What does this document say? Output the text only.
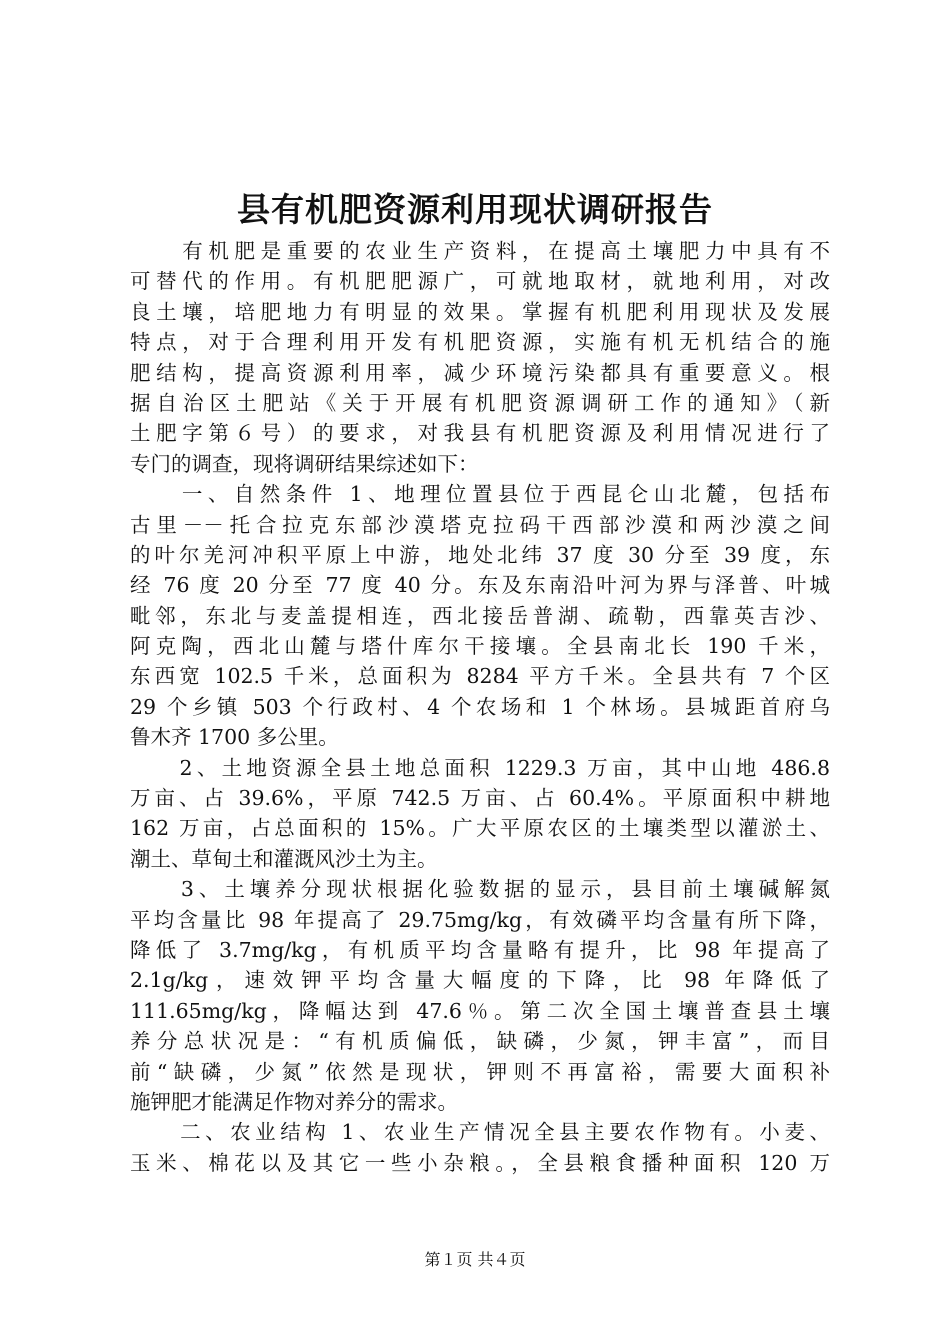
县有机肥资源利用现状调研报告

　　有机肥是重要的农业生产资料，在提高土壤肥力中具有不

可替代的作用。有机肥肥源广，可就地取材，就地利用，对改

良土壤，培肥地力有明显的效果。掌握有机肥利用现状及发展

特点，对于合理利用开发有机肥资源，实施有机无机结合的施

肥结构，提高资源利用率，减少环境污染都具有重要意义。根

据自治区土肥站《关于开展有机肥资源调研工作的通知》（新

土肥字第６号）的要求，对我县有机肥资源及利用情况进行了

专门的调查，现将调研结果综述如下：

　　一、自然条件 1、地理位置县位于西昆仑山北麓，包括布

古里－－托合拉克东部沙漠塔克拉码干西部沙漠和两沙漠之间

的叶尔羌河冲积平原上中游，地处北纬 37 度 30 分至 39 度，东

经 76 度 20 分至 77 度 40 分。东及东南沿叶河为界与泽普、叶城

毗邻，东北与麦盖提相连，西北接岳普湖、疏勒，西靠英吉沙、

阿克陶，西北山麓与塔什库尔干接壤。全县南北长 190 千米，

东西宽 102.5 千米，总面积为 8284 平方千米。全县共有 7 个区

29 个乡镇 503 个行政村、4 个农场和 1 个林场。县城距首府乌

鲁木齐 1700 多公里。

　　2、土地资源全县土地总面积 1229.3 万亩，其中山地 486.8

万亩、占 39.6%，平原 742.5 万亩、占 60.4%。平原面积中耕地

162 万亩，占总面积的 15%。广大平原农区的土壤类型以灌淤土、

潮土、草甸土和灌溉风沙土为主。

　　3、土壤养分现状根据化验数据的显示，县目前土壤碱解氮

平均含量比 98 年提高了 29.75mg/kg，有效磷平均含量有所下降，

降低了 3.7mg/kg，有机质平均含量略有提升，比 98 年提高了

2.1g/kg，速效钾平均含量大幅度的下降，比 98 年降低了

111.65mg/kg，降幅达到 47.6％。第二次全国土壤普查县土壤

养分总状况是：“有机质偏低，缺磷，少氮，钾丰富”，而目

前“缺磷，少氮”依然是现状，钾则不再富裕，需要大面积补

施钾肥才能满足作物对养分的需求。

　　二、农业结构 1、农业生产情况全县主要农作物有。小麦、

玉米、棉花以及其它一些小杂粮。，全县粮食播种面积 120 万

第１页 共４页
